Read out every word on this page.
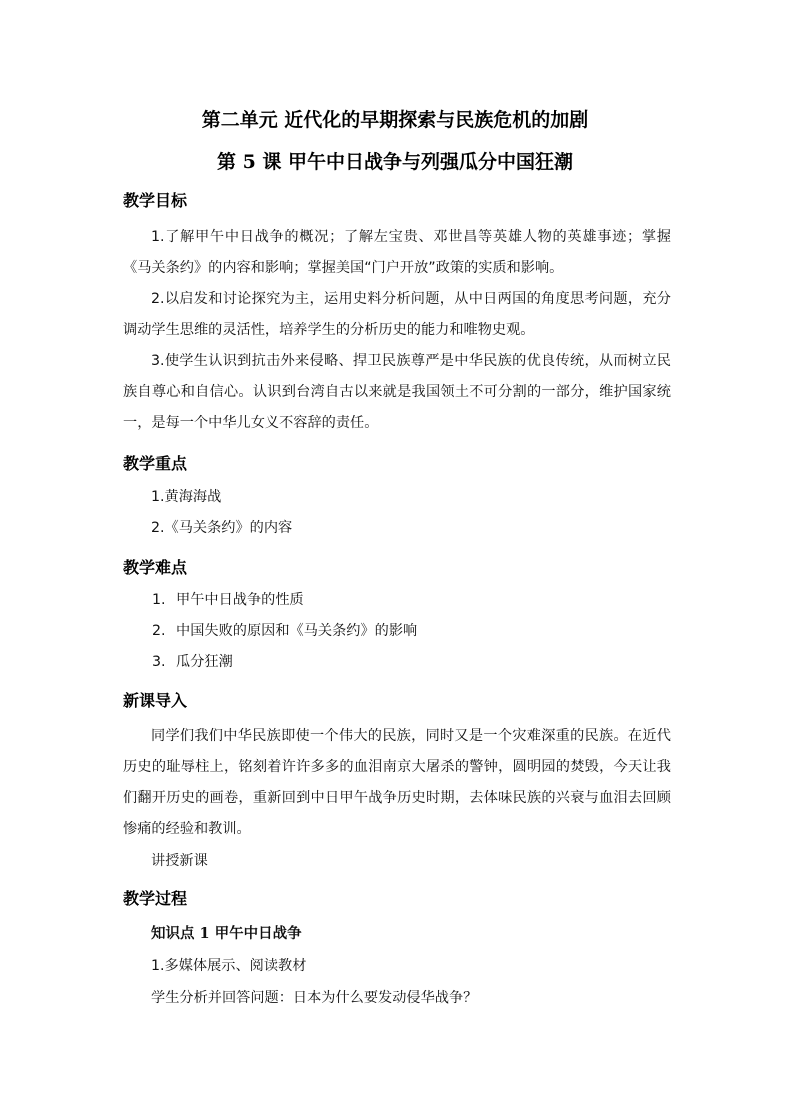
第二单元 近代化的早期探索与民族危机的加剧
第 5 课 甲午中日战争与列强瓜分中国狂潮
教学目标

1.了解甲午中日战争的概况；了解左宝贵、邓世昌等英雄人物的英雄事迹；掌握《马关条约》的内容和影响；掌握美国“门户开放”政策的实质和影响。

2.以启发和讨论探究为主，运用史料分析问题，从中日两国的角度思考问题，充分调动学生思维的灵活性，培养学生的分析历史的能力和唯物史观。

3.使学生认识到抗击外来侵略、捍卫民族尊严是中华民族的优良传统，从而树立民族自尊心和自信心。认识到台湾自古以来就是我国领土不可分割的一部分，维护国家统一，是每一个中华儿女义不容辞的责任。

教学重点
1.黄海海战
2.《马关条约》的内容
教学难点
1. 甲午中日战争的性质
2. 中国失败的原因和《马关条约》的影响
3. 瓜分狂潮
新课导入

同学们我们中华民族即使一个伟大的民族，同时又是一个灾难深重的民族。在近代历史的耻辱柱上，铭刻着许许多多的血泪南京大屠杀的警钟，圆明园的焚毁，今天让我们翻开历史的画卷，重新回到中日甲午战争历史时期，去体味民族的兴衰与血泪去回顾惨痛的经验和教训。

讲授新课
教学过程
知识点 1 甲午中日战争
1.多媒体展示、阅读教材
学生分析并回答问题：日本为什么要发动侵华战争？
